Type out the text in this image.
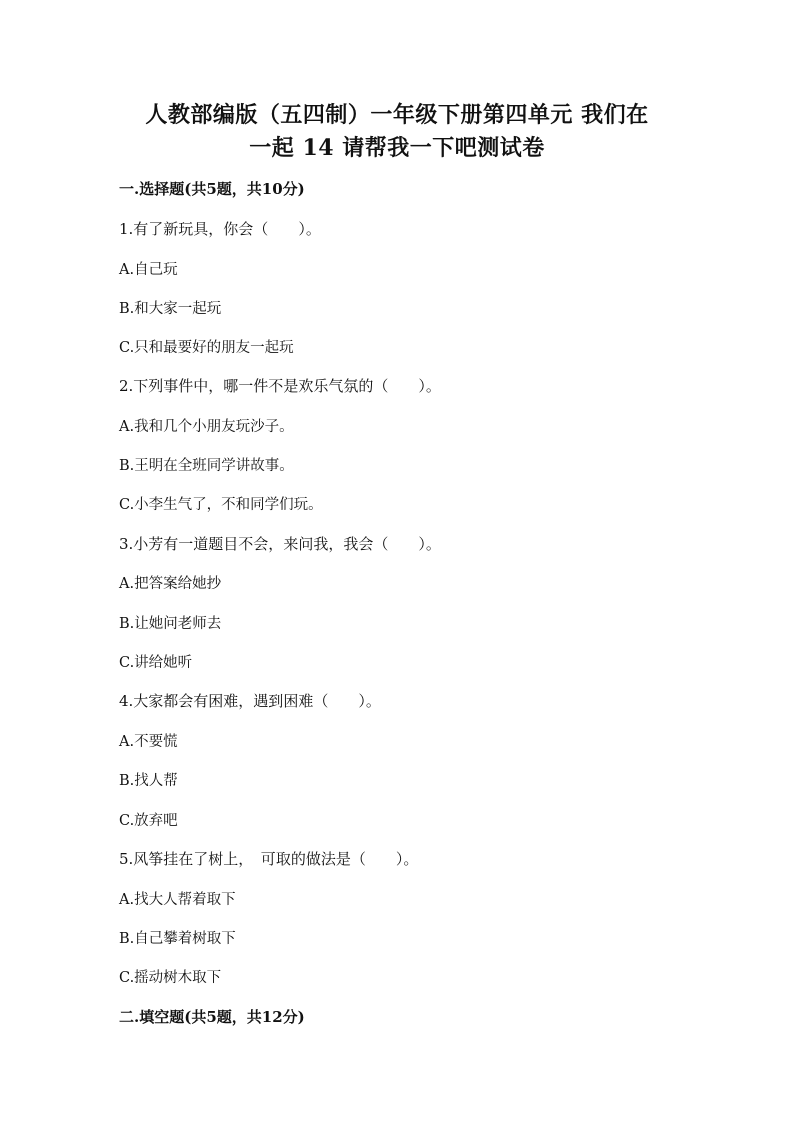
人教部编版（五四制）一年级下册第四单元 我们在
一起 14 请帮我一下吧测试卷
一.选择题(共5题，共10分)
1.有了新玩具，你会（　　）。
A.自己玩
B.和大家一起玩
C.只和最要好的朋友一起玩
2.下列事件中，哪一件不是欢乐气氛的（　　）。
A.我和几个小朋友玩沙子。
B.王明在全班同学讲故事。
C.小李生气了，不和同学们玩。
3.小芳有一道题目不会，来问我，我会（　　）。
A.把答案给她抄
B.让她问老师去
C.讲给她听
4.大家都会有困难，遇到困难（　　）。
A.不要慌
B.找人帮
C.放弃吧
5.风筝挂在了树上，　可取的做法是（　　）。
A.找大人帮着取下
B.自己攀着树取下
C.摇动树木取下
二.填空题(共5题，共12分)
